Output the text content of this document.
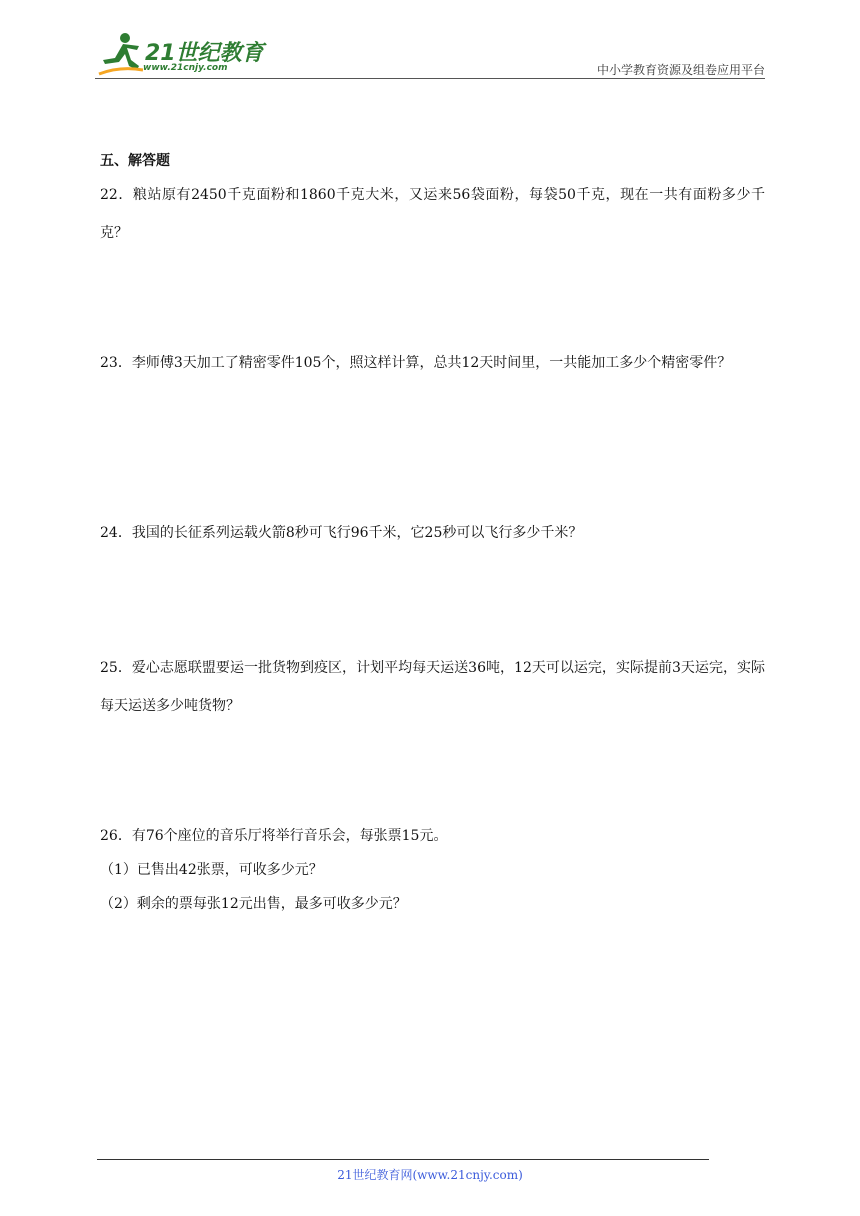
21世纪教育
www.21cnjy.com	中小学教育资源及组卷应用平台
五、解答题
22．粮站原有2450千克面粉和1860千克大米，又运来56袋面粉，每袋50千克，现在一共有面粉多少千克？
23．李师傅3天加工了精密零件105个，照这样计算，总共12天时间里，一共能加工多少个精密零件？
24．我国的长征系列运载火箭8秒可飞行96千米，它25秒可以飞行多少千米？
25．爱心志愿联盟要运一批货物到疫区，计划平均每天运送36吨，12天可以运完，实际提前3天运完，实际每天运送多少吨货物？
26．有76个座位的音乐厅将举行音乐会，每张票15元。
（1）已售出42张票，可收多少元？
（2）剩余的票每张12元出售，最多可收多少元？
21世纪教育网(www.21cnjy.com)
